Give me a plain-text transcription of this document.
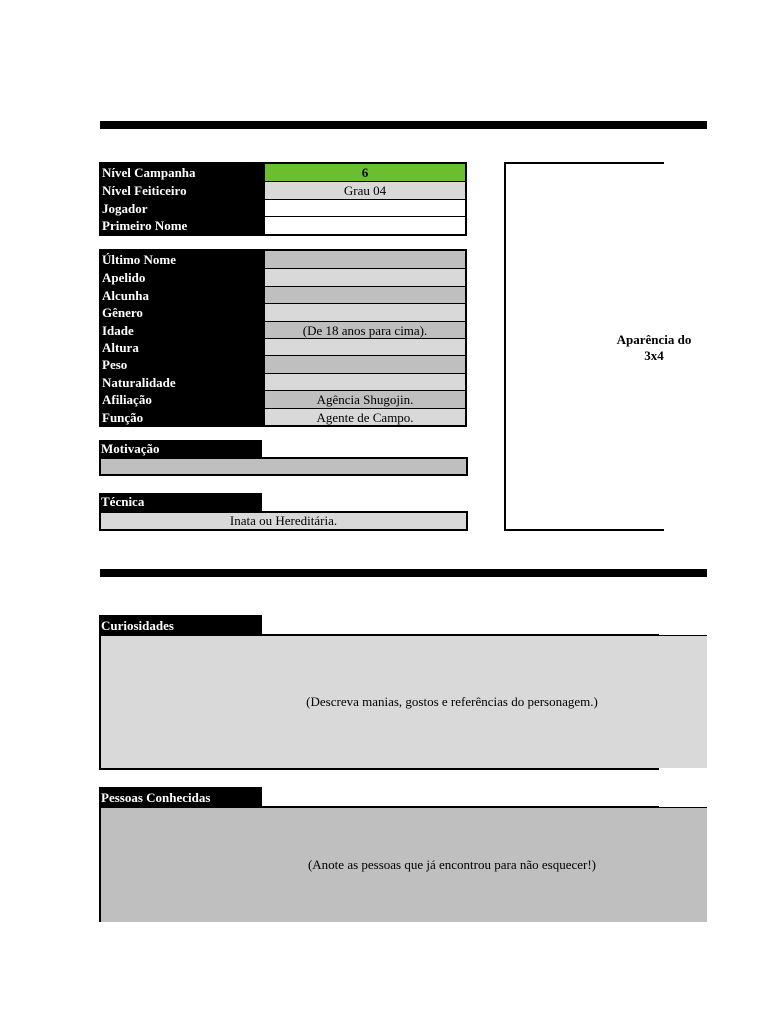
Nível Campanha	6
Nível Feiticeiro	Grau 04
Jogador
Primeiro Nome
Último Nome
Apelido
Alcunha
Gênero
Idade	(De 18 anos para cima).
Altura
Peso
Naturalidade
Afiliação	Agência Shugojin.
Função	Agente de Campo.
Motivação
Técnica
Inata ou Hereditária.
Aparência do
3x4
Curiosidades
(Descreva manias, gostos e referências do personagem.)
Pessoas Conhecidas
(Anote as pessoas que já encontrou para não esquecer!)
